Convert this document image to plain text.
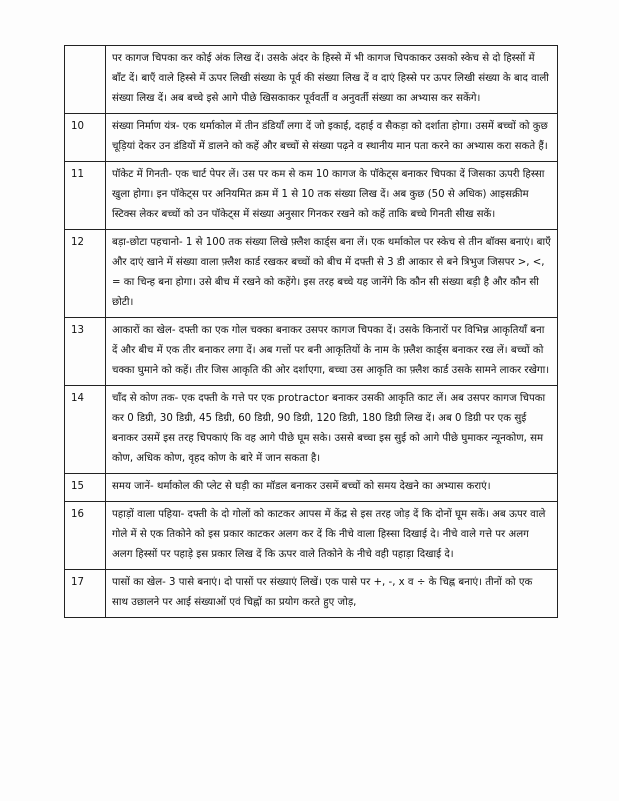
	पर कागज चिपका कर कोई अंक लिख दें। उसके अंदर के हिस्से में भी कागज चिपकाकर उसको स्केच से दो हिस्सों में बाँट दें। बाएँ वाले हिस्से में ऊपर लिखी संख्या के पूर्व की संख्या लिख दें व दाएं हिस्से पर ऊपर लिखी संख्या के बाद वाली संख्या लिख दें। अब बच्चे इसे आगे पीछे खिसकाकर पूर्ववर्ती व अनुवर्ती संख्या का अभ्यास कर सकेंगे।
10	संख्या निर्माण यंत्र- एक थर्माकोल में तीन डंडियाँ लगा दें जो इकाई, दहाई व सैकड़ा को दर्शाता होगा। उसमें बच्चों को कुछ चूड़ियां देकर उन डंडियों में डालने को कहें और बच्चों से संख्या पढ़ने व स्थानीय मान पता करने का अभ्यास करा सकते हैं।
11	पॉकेट में गिनती- एक चार्ट पेपर लें। उस पर कम से कम 10 कागज के पॉकेट्स बनाकर चिपका दें जिसका ऊपरी हिस्सा खुला होगा। इन पॉकेट्स पर अनियमित क्रम में 1 से 10 तक संख्या लिख दें। अब कुछ (50 से अधिक) आइसक्रीम स्टिक्स लेकर बच्चों को उन पॉकेट्स में संख्या अनुसार गिनकर रखने को कहें ताकि बच्चे गिनती सीख सकें।
12	बड़ा-छोटा पहचानो- 1 से 100 तक संख्या लिखे फ़्लैश कार्ड्स बना लें। एक थर्माकोल पर स्केच से तीन बॉक्स बनाएं। बाएँ और दाएं खाने में संख्या वाला फ़्लैश कार्ड रखकर बच्चों को बीच में दफ्ती से 3 डी आकार से बने त्रिभुज जिसपर >, <, = का चिन्ह बना होगा। उसे बीच में रखने को कहेंगे। इस तरह बच्चे यह जानेंगे कि कौन सी संख्या बड़ी है और कौन सी छोटी।
13	आकारों का खेल- दफ्ती का एक गोल चक्का बनाकर उसपर कागज चिपका दें। उसके किनारों पर विभिन्न आकृतियाँ बना दें और बीच में एक तीर बनाकर लगा दें। अब गत्तों पर बनी आकृतियों के नाम के फ़्लैश कार्ड्स बनाकर रख लें। बच्चों को चक्का घुमाने को कहें। तीर जिस आकृति की ओर दर्शाएगा, बच्चा उस आकृति का फ़्लैश कार्ड उसके सामने लाकर रखेगा।
14	चाँद से कोण तक- एक दफ्ती के गत्ते पर एक protractor बनाकर उसकी आकृति काट लें। अब उसपर कागज चिपका कर 0 डिग्री, 30 डिग्री, 45 डिग्री, 60 डिग्री, 90 डिग्री, 120 डिग्री, 180 डिग्री लिख दें। अब 0 डिग्री पर एक सुई बनाकर उसमें इस तरह चिपकाएं कि वह आगे पीछे घूम सके। उससे बच्चा इस सुई को आगे पीछे घुमाकर न्यूनकोण, सम कोण, अधिक कोण, वृहद कोण के बारे में जान सकता है।
15	समय जानें- थर्माकोल की प्लेट से घड़ी का मॉडल बनाकर उसमें बच्चों को समय देखने का अभ्यास कराएं।
16	पहाड़ों वाला पहिया- दफ्ती के दो गोलों को काटकर आपस में केंद्र से इस तरह जोड़ दें कि दोनों घूम सकें। अब ऊपर वाले गोले में से एक तिकोने को इस प्रकार काटकर अलग कर दें कि नीचे वाला हिस्सा दिखाई दे। नीचे वाले गत्ते पर अलग अलग हिस्सों पर पहाड़े इस प्रकार लिख दें कि ऊपर वाले तिकोने के नीचे वही पहाड़ा दिखाई दे।
17	पासों का खेल- 3 पासे बनाएं। दो पासों पर संख्याएं लिखें। एक पासे पर +, -, x व ÷ के चिह्न बनाएं। तीनों को एक साथ उछालने पर आई संख्याओं एवं चिह्नों का प्रयोग करते हुए जोड़,
